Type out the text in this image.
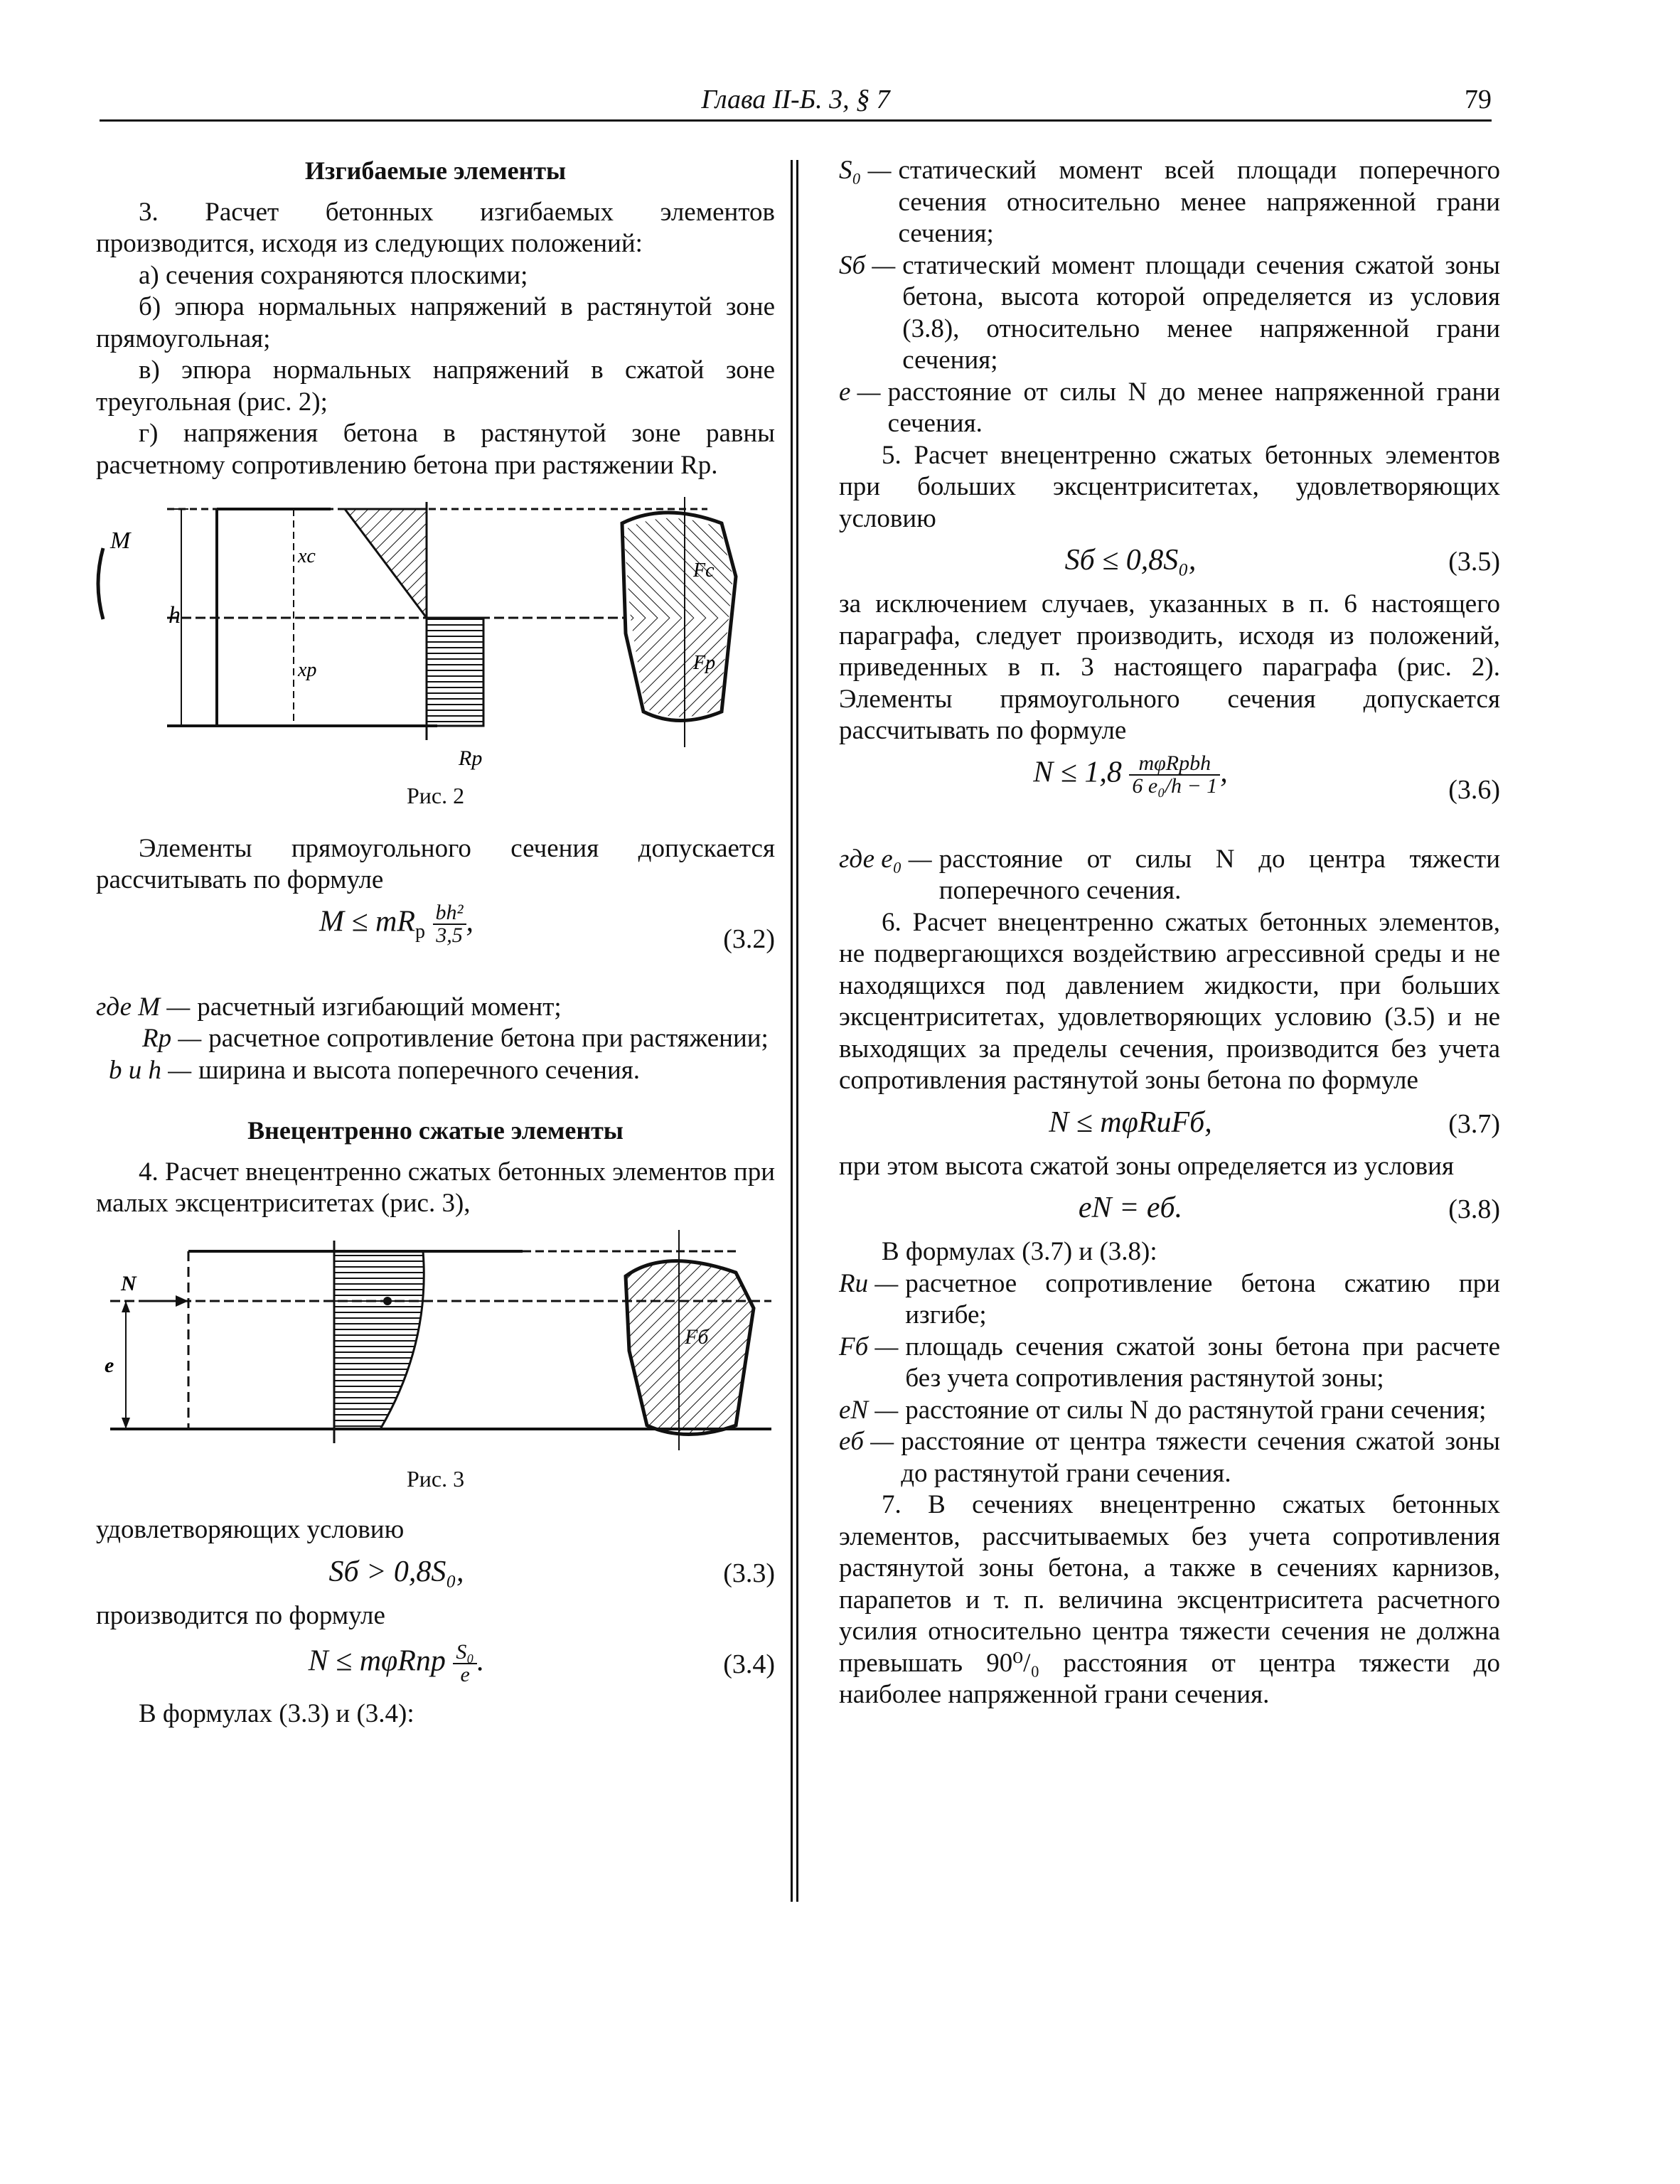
Глава II-Б. 3, § 7	79
Изгибаемые элементы

3. Расчет бетонных изгибаемых элементов производится, исходя из следующих положений:

а) сечения сохраняются плоскими;

б) эпюра нормальных напряжений в растянутой зоне прямоугольная;

в) эпюра нормальных напряжений в сжатой зоне треугольная (рис. 2);

г) напряжения бетона в растянутой зоне равны расчетному сопротивлению бетона при растяжении Rр.

M
h
xс
xр
Rр
Fс
Fр
Рис. 2

Элементы прямоугольного сечения допускается рассчитывать по формуле

$M \le mR_р \frac{\text{bh²}}{3,5}$ ,
(3.2)
где M — расчетный изгибающий момент;
Rр — расчетное сопротивление бетона при растяжении;
b и h — ширина и высота поперечного сечения.
Внецентренно сжатые элементы

4. Расчет внецентренно сжатых бетонных элементов при малых эксцентриситетах (рис. 3),

N
e
Fб
Рис. 3

удовлетворяющих условию

Sб > 0,8S₀,	(3.3)

производится по формуле

N ≤ mφRпр $\frac{\text{S₀}}{e}$ .	(3.4)

В формулах (3.3) и (3.4):

S₀ — статический момент всей площади поперечного сечения относительно менее напряженной грани сечения;
Sб — статический момент площади сечения сжатой зоны бетона, высота которой определяется из условия (3.8), относительно менее напряженной грани сечения;
e — расстояние от силы N до менее напряженной грани сечения.

5. Расчет внецентренно сжатых бетонных элементов при больших эксцентриситетах, удовлетворяющих условию

Sб ≤ 0,8S₀,	(3.5)

за исключением случаев, указанных в п. 6 настоящего параграфа, следует производить, исходя из положений, приведенных в п. 3 настоящего параграфа (рис. 2). Элементы прямоугольного сечения допускается рассчитывать по формуле

$N \le 1,8 \frac{\text{mφRрbh}}{\text{6 e₀/h − 1}}$ ,
(3.6)
где e₀ — расстояние от силы N до центра тяжести поперечного сечения.

6. Расчет внецентренно сжатых бетонных элементов, не подвергающихся воздействию агрессивной среды и не находящихся под давлением жидкости, при больших эксцентриситетах, удовлетворяющих условию (3.5) и не выходящих за пределы сечения, производится без учета сопротивления растянутой зоны бетона по формуле

N ≤ mφRиFб,	(3.7)

при этом высота сжатой зоны определяется из условия

eN = eб.	(3.8)

В формулах (3.7) и (3.8):

Rи — расчетное сопротивление бетона сжатию при изгибе;
Fб — площадь сечения сжатой зоны бетона при расчете без учета сопротивления растянутой зоны;
eN — расстояние от силы N до растянутой грани сечения;
eб — расстояние от центра тяжести сечения сжатой зоны до растянутой грани сечения.

7. В сечениях внецентренно сжатых бетонных элементов, рассчитываемых без учета сопротивления растянутой зоны бетона, а также в сечениях карнизов, парапетов и т. п. величина эксцентриситета расчетного усилия относительно центра тяжести сечения не должна превышать 90⁰/₀ расстояния от центра тяжести до наиболее напряженной грани сечения.
